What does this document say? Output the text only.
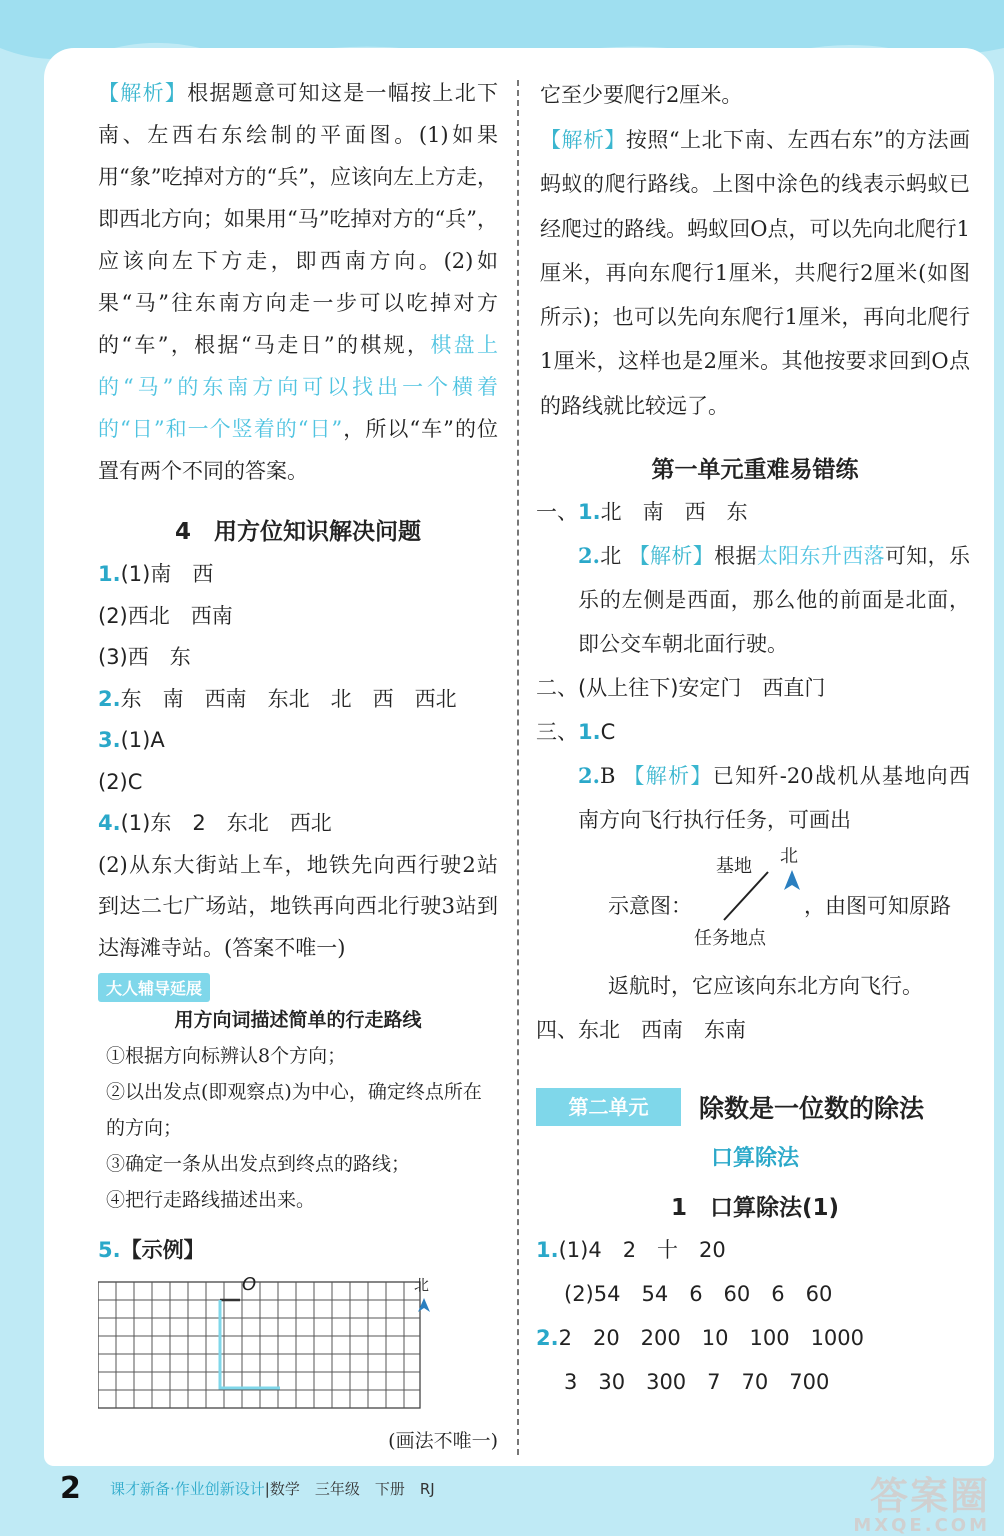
【解析】根据题意可知这是一幅按上北下南、左西右东绘制的平面图。(1)如果用“象”吃掉对方的“兵”，应该向左上方走，即西北方向；如果用“马”吃掉对方的“兵”，应该向左下方走，即西南方向。(2)如果“马”往东南方向走一步可以吃掉对方的“车”，根据“马走日”的棋规，棋盘上的“马”的东南方向可以找出一个横着的“日”和一个竖着的“日”，所以“车”的位置有两个不同的答案。
4　用方位知识解决问题
1.(1)南　西
(2)西北　西南
(3)西　东
2.东　南　西南　东北　北　西　西北
3.(1)A
(2)C
4.(1)东　2　东北　西北
(2)从东大街站上车，地铁先向西行驶2站到达二七广场站，地铁再向西北行驶3站到达海滩寺站。(答案不唯一)
大人辅导延展
用方向词描述简单的行走路线
①根据方向标辨认8个方向；
②以出发点(即观察点)为中心，确定终点所在的方向；
③确定一条从出发点到终点的路线；
④把行走路线描述出来。
5.【示例】
O	北
(画法不唯一)
它至少要爬行2厘米。
【解析】按照“上北下南、左西右东”的方法画蚂蚁的爬行路线。上图中涂色的线表示蚂蚁已经爬过的路线。蚂蚁回O点，可以先向北爬行1厘米，再向东爬行1厘米，共爬行2厘米(如图所示)；也可以先向东爬行1厘米，再向北爬行1厘米，这样也是2厘米。其他按要求回到O点的路线就比较远了。
第一单元重难易错练
一、1.北　南　西　东
2.北 【解析】根据太阳东升西落可知，乐乐的左侧是西面，那么他的前面是北面，即公交车朝北面行驶。
二、(从上往下)安定门　西直门
三、1.C
2.B 【解析】已知歼-20战机从基地向西南方向飞行执行任务，可画出
示意图：
基地 北
任务地点
，由图可知原路
返航时，它应该向东北方向飞行。
四、东北　西南　东南
第二单元	除数是一位数的除法
口算除法
1　口算除法(1)
1.(1)4　2　十　20
(2)54　54　6　60　6　60
2.2　20　200　10　100　1000
3　30　300　7　70　700
2	课才新备·作业创新设计|数学　三年级　下册　RJ	答案圈
MXQE.COM
